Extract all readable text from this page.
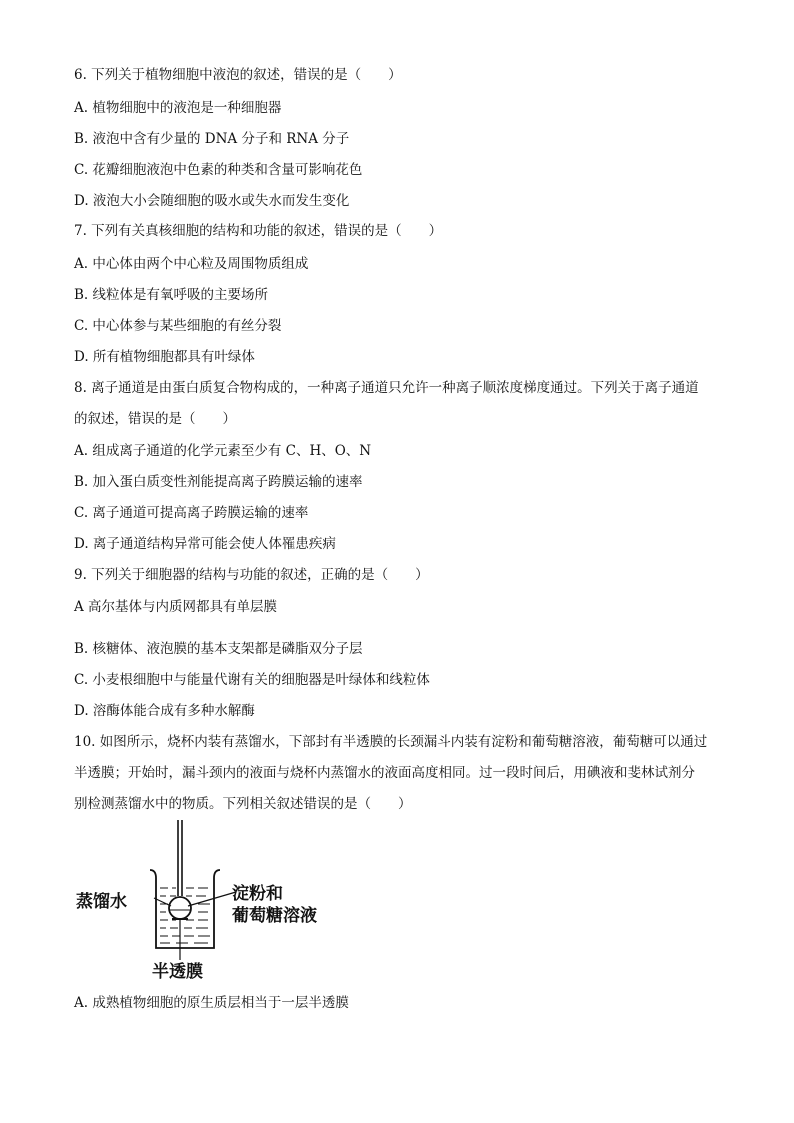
6. 下列关于植物细胞中液泡的叙述，错误的是（　　）
A. 植物细胞中的液泡是一种细胞器
B. 液泡中含有少量的 DNA 分子和 RNA 分子
C. 花瓣细胞液泡中色素的种类和含量可影响花色
D. 液泡大小会随细胞的吸水或失水而发生变化
7. 下列有关真核细胞的结构和功能的叙述，错误的是（　　）
A. 中心体由两个中心粒及周围物质组成
B. 线粒体是有氧呼吸的主要场所
C. 中心体参与某些细胞的有丝分裂
D. 所有植物细胞都具有叶绿体
8. 离子通道是由蛋白质复合物构成的，一种离子通道只允许一种离子顺浓度梯度通过。下列关于离子通道
的叙述，错误的是（　　）
A. 组成离子通道的化学元素至少有 C、H、O、N
B. 加入蛋白质变性剂能提高离子跨膜运输的速率
C. 离子通道可提高离子跨膜运输的速率
D. 离子通道结构异常可能会使人体罹患疾病
9. 下列关于细胞器的结构与功能的叙述，正确的是（　　）
A 高尔基体与内质网都具有单层膜
B. 核糖体、液泡膜的基本支架都是磷脂双分子层
C. 小麦根细胞中与能量代谢有关的细胞器是叶绿体和线粒体
D. 溶酶体能合成有多种水解酶
10. 如图所示，烧杯内装有蒸馏水，下部封有半透膜的长颈漏斗内装有淀粉和葡萄糖溶液，葡萄糖可以通过
半透膜；开始时，漏斗颈内的液面与烧杯内蒸馏水的液面高度相同。过一段时间后，用碘液和斐林试剂分
别检测蒸馏水中的物质。下列相关叙述错误的是（　　）
蒸馏水	淀粉和
葡萄糖溶液
半透膜
A. 成熟植物细胞的原生质层相当于一层半透膜
